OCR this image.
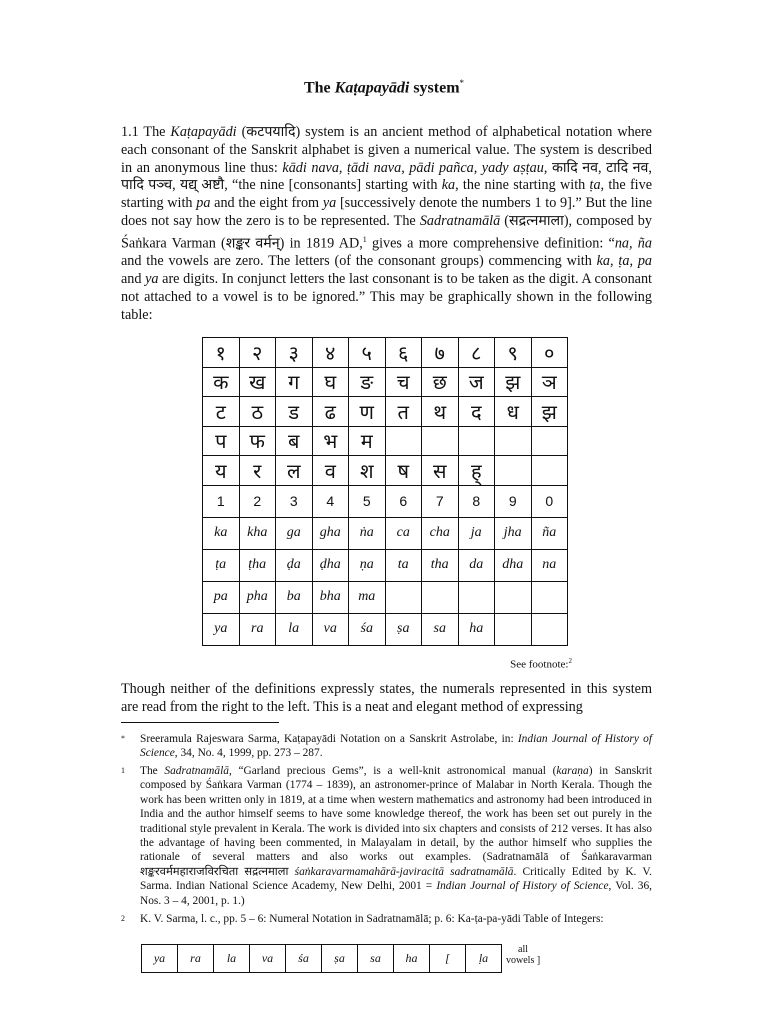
The Kaṭapayādi system*
1.1 The Kaṭapayādi (कटपयादि) system is an ancient method of alphabetical notation where each consonant of the Sanskrit alphabet is given a numerical value. The system is described in an anonymous line thus: kādi nava, ṭādi nava, pādi pañca, yady aṣṭau, कादि नव, टादि नव, पादि पञ्च, यद्य् अष्टौ, “the nine [consonants] starting with ka, the nine starting with ṭa, the five starting with pa and the eight from ya [successively denote the numbers 1 to 9].” But the line does not say how the zero is to be represented. The Sadratnamālā (सद्रत्नमाला), composed by Śaṅkara Varman (शङ्कर वर्मन्) in 1819 AD,$^1$ gives a more comprehensive definition: “na, ña and the vowels are zero. The letters (of the consonant groups) commencing with ka, ṭa, pa and ya are digits. In conjunct letters the last consonant is to be taken as the digit. A consonant not attached to a vowel is to be ignored.” This may be graphically shown in the following table:
१	२	३	४	५	६	७	८	९	०
क	ख	ग	घ	ङ	च	छ	ज	झ	ञ
ट	ठ	ड	ढ	ण	त	थ	द	ध	झ
प	फ	ब	भ	म					
य	र	ल	व	श	ष	स	ह्		
1	2	3	4	5	6	7	8	9	0
ka	kha	ga	gha	ṅa	ca	cha	ja	jha	ña
ṭa	ṭha	ḍa	ḍha	ṇa	ta	tha	da	dha	na
pa	pha	ba	bha	ma					
ya	ra	la	va	śa	ṣa	sa	ha		
See footnote:$^2$
Though neither of the definitions expressly states, the numerals represented in this system are read from the right to the left. This is a neat and elegant method of expressing
* Sreeramula Rajeswara Sarma, Kaṭapayādi Notation on a Sanskrit Astrolabe, in: Indian Journal of History of Science, 34, No. 4, 1999, pp. 273 – 287.
1 The Sadratnamālā, “Garland precious Gems”, is a well-knit astronomical manual (karaṇa) in Sanskrit composed by Śaṅkara Varman (1774 – 1839), an astronomer-prince of Malabar in North Kerala. Though the work has been written only in 1819, at a time when western mathematics and astronomy had been introduced in India and the author himself seems to have some knowledge thereof, the work has been set out purely in the traditional style prevalent in Kerala. The work is divided into six chapters and consists of 212 verses. It has also the advantage of having been commented, in Malayalam in detail, by the author himself who supplies the rationale of several matters and also works out examples. (Sadratnamālā of Śaṅkaravarman शङ्करवर्ममहाराजविरचिता सद्रत्नमाला śaṅkaravarmamahārā-javiracitā sadratnamālā. Critically Edited by K. V. Sarma. Indian National Science Academy, New Delhi, 2001 = Indian Journal of History of Science, Vol. 36, Nos. 3 – 4, 2001, p. 1.)
2 K. V. Sarma, l. c., pp. 5 – 6: Numeral Notation in Sadratnamālā; p. 6: Ka-ṭa-pa-yādi Table of Integers:
ya	ra	la	va	śa	ṣa	sa	ha	[	ḷa
all
vowels ]
